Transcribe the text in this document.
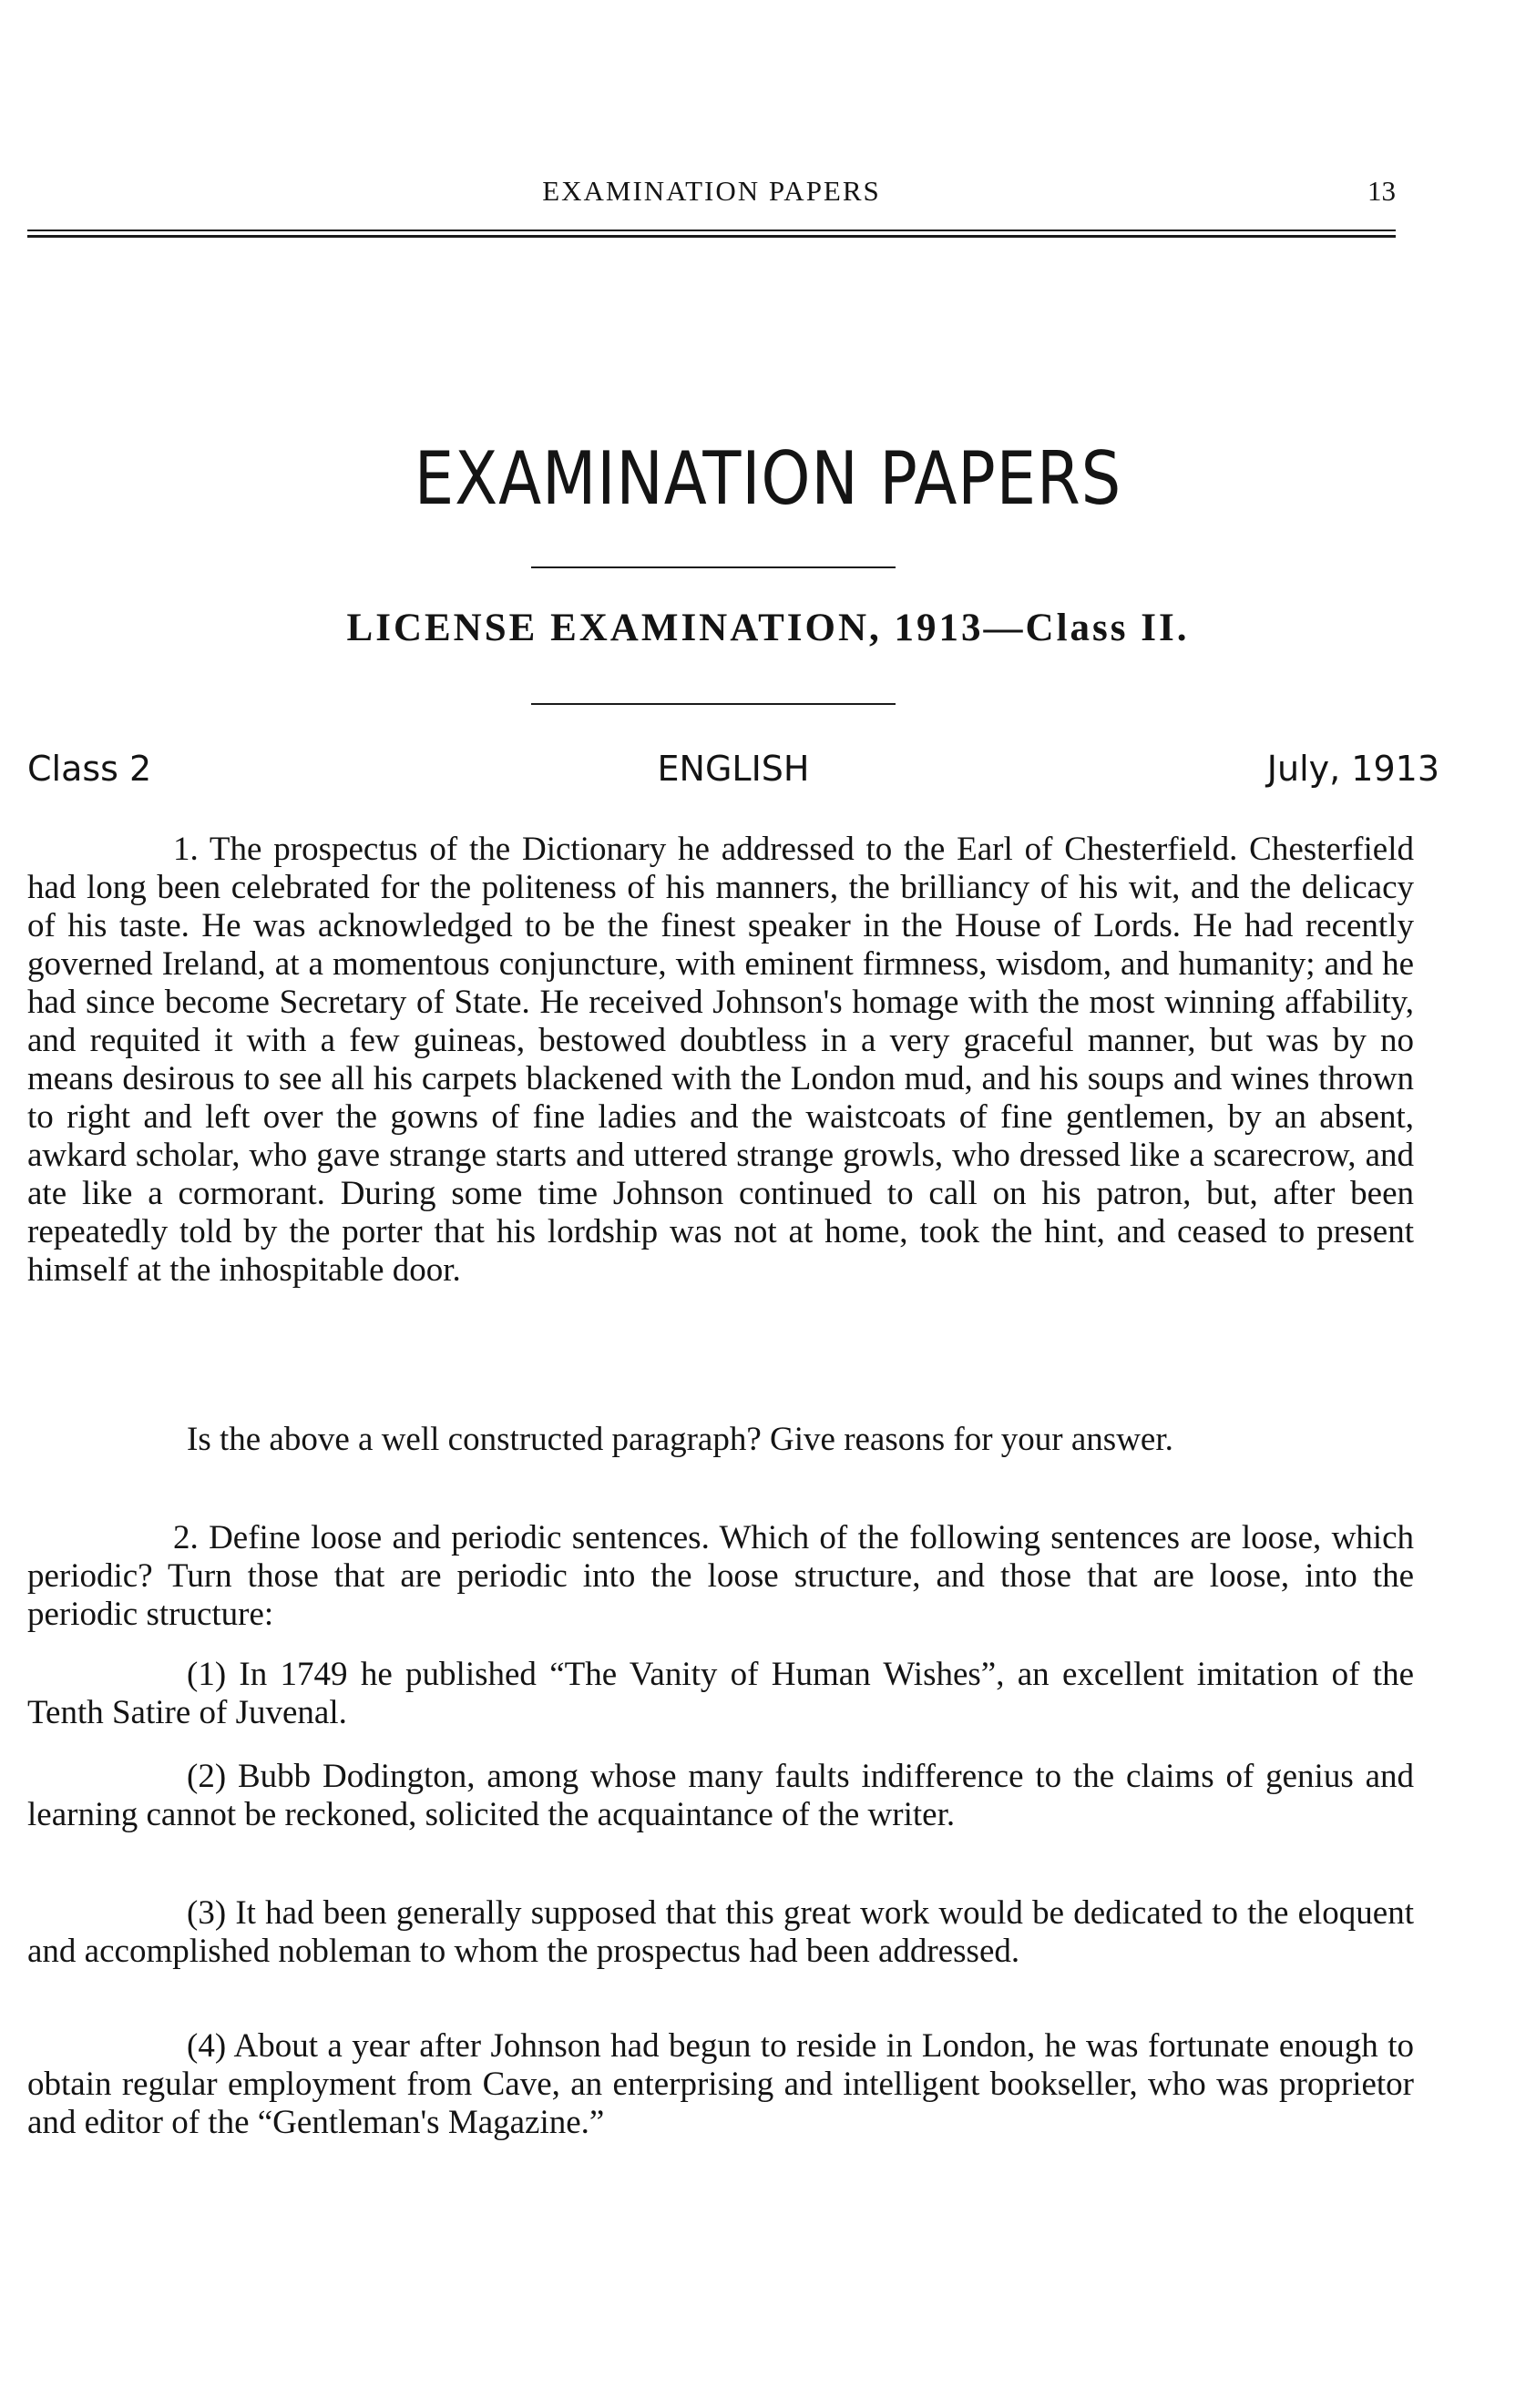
EXAMINATION PAPERS	13
EXAMINATION PAPERS
LICENSE EXAMINATION, 1913—Class II.
Class 2	ENGLISH	July, 1913

1. The prospectus of the Dictionary he addressed to the Earl of Chesterfield. Chesterfield had long been celebrated for the politeness of his manners, the brilliancy of his wit, and the delicacy of his taste. He was acknowledged to be the finest speaker in the House of Lords. He had recently governed Ireland, at a momentous conjuncture, with eminent firmness, wisdom, and humanity; and he had since become Secretary of State. He received Johnson's homage with the most winning affability, and requited it with a few guineas, bestowed doubtless in a very graceful manner, but was by no means desirous to see all his carpets blackened with the London mud, and his soups and wines thrown to right and left over the gowns of fine ladies and the waistcoats of fine gentlemen, by an absent, awkard scholar, who gave strange starts and uttered strange growls, who dressed like a scarecrow, and ate like a cormorant. During some time Johnson continued to call on his patron, but, after been repeatedly told by the porter that his lordship was not at home, took the hint, and ceased to present himself at the inhospitable door.

Is the above a well constructed paragraph? Give reasons for your answer.

2. Define loose and periodic sentences. Which of the following sentences are loose, which periodic? Turn those that are periodic into the loose structure, and those that are loose, into the periodic structure:

(1) In 1749 he published “The Vanity of Human Wishes”, an excellent imitation of the Tenth Satire of Juvenal.

(2) Bubb Dodington, among whose many faults indifference to the claims of genius and learning cannot be reckoned, solicited the acquaintance of the writer.

(3) It had been generally supposed that this great work would be dedicated to the eloquent and accomplished nobleman to whom the prospectus had been addressed.

(4) About a year after Johnson had begun to reside in London, he was fortunate enough to obtain regular employment from Cave, an enterprising and intelligent bookseller, who was proprietor and editor of the “Gentleman's Magazine.”
